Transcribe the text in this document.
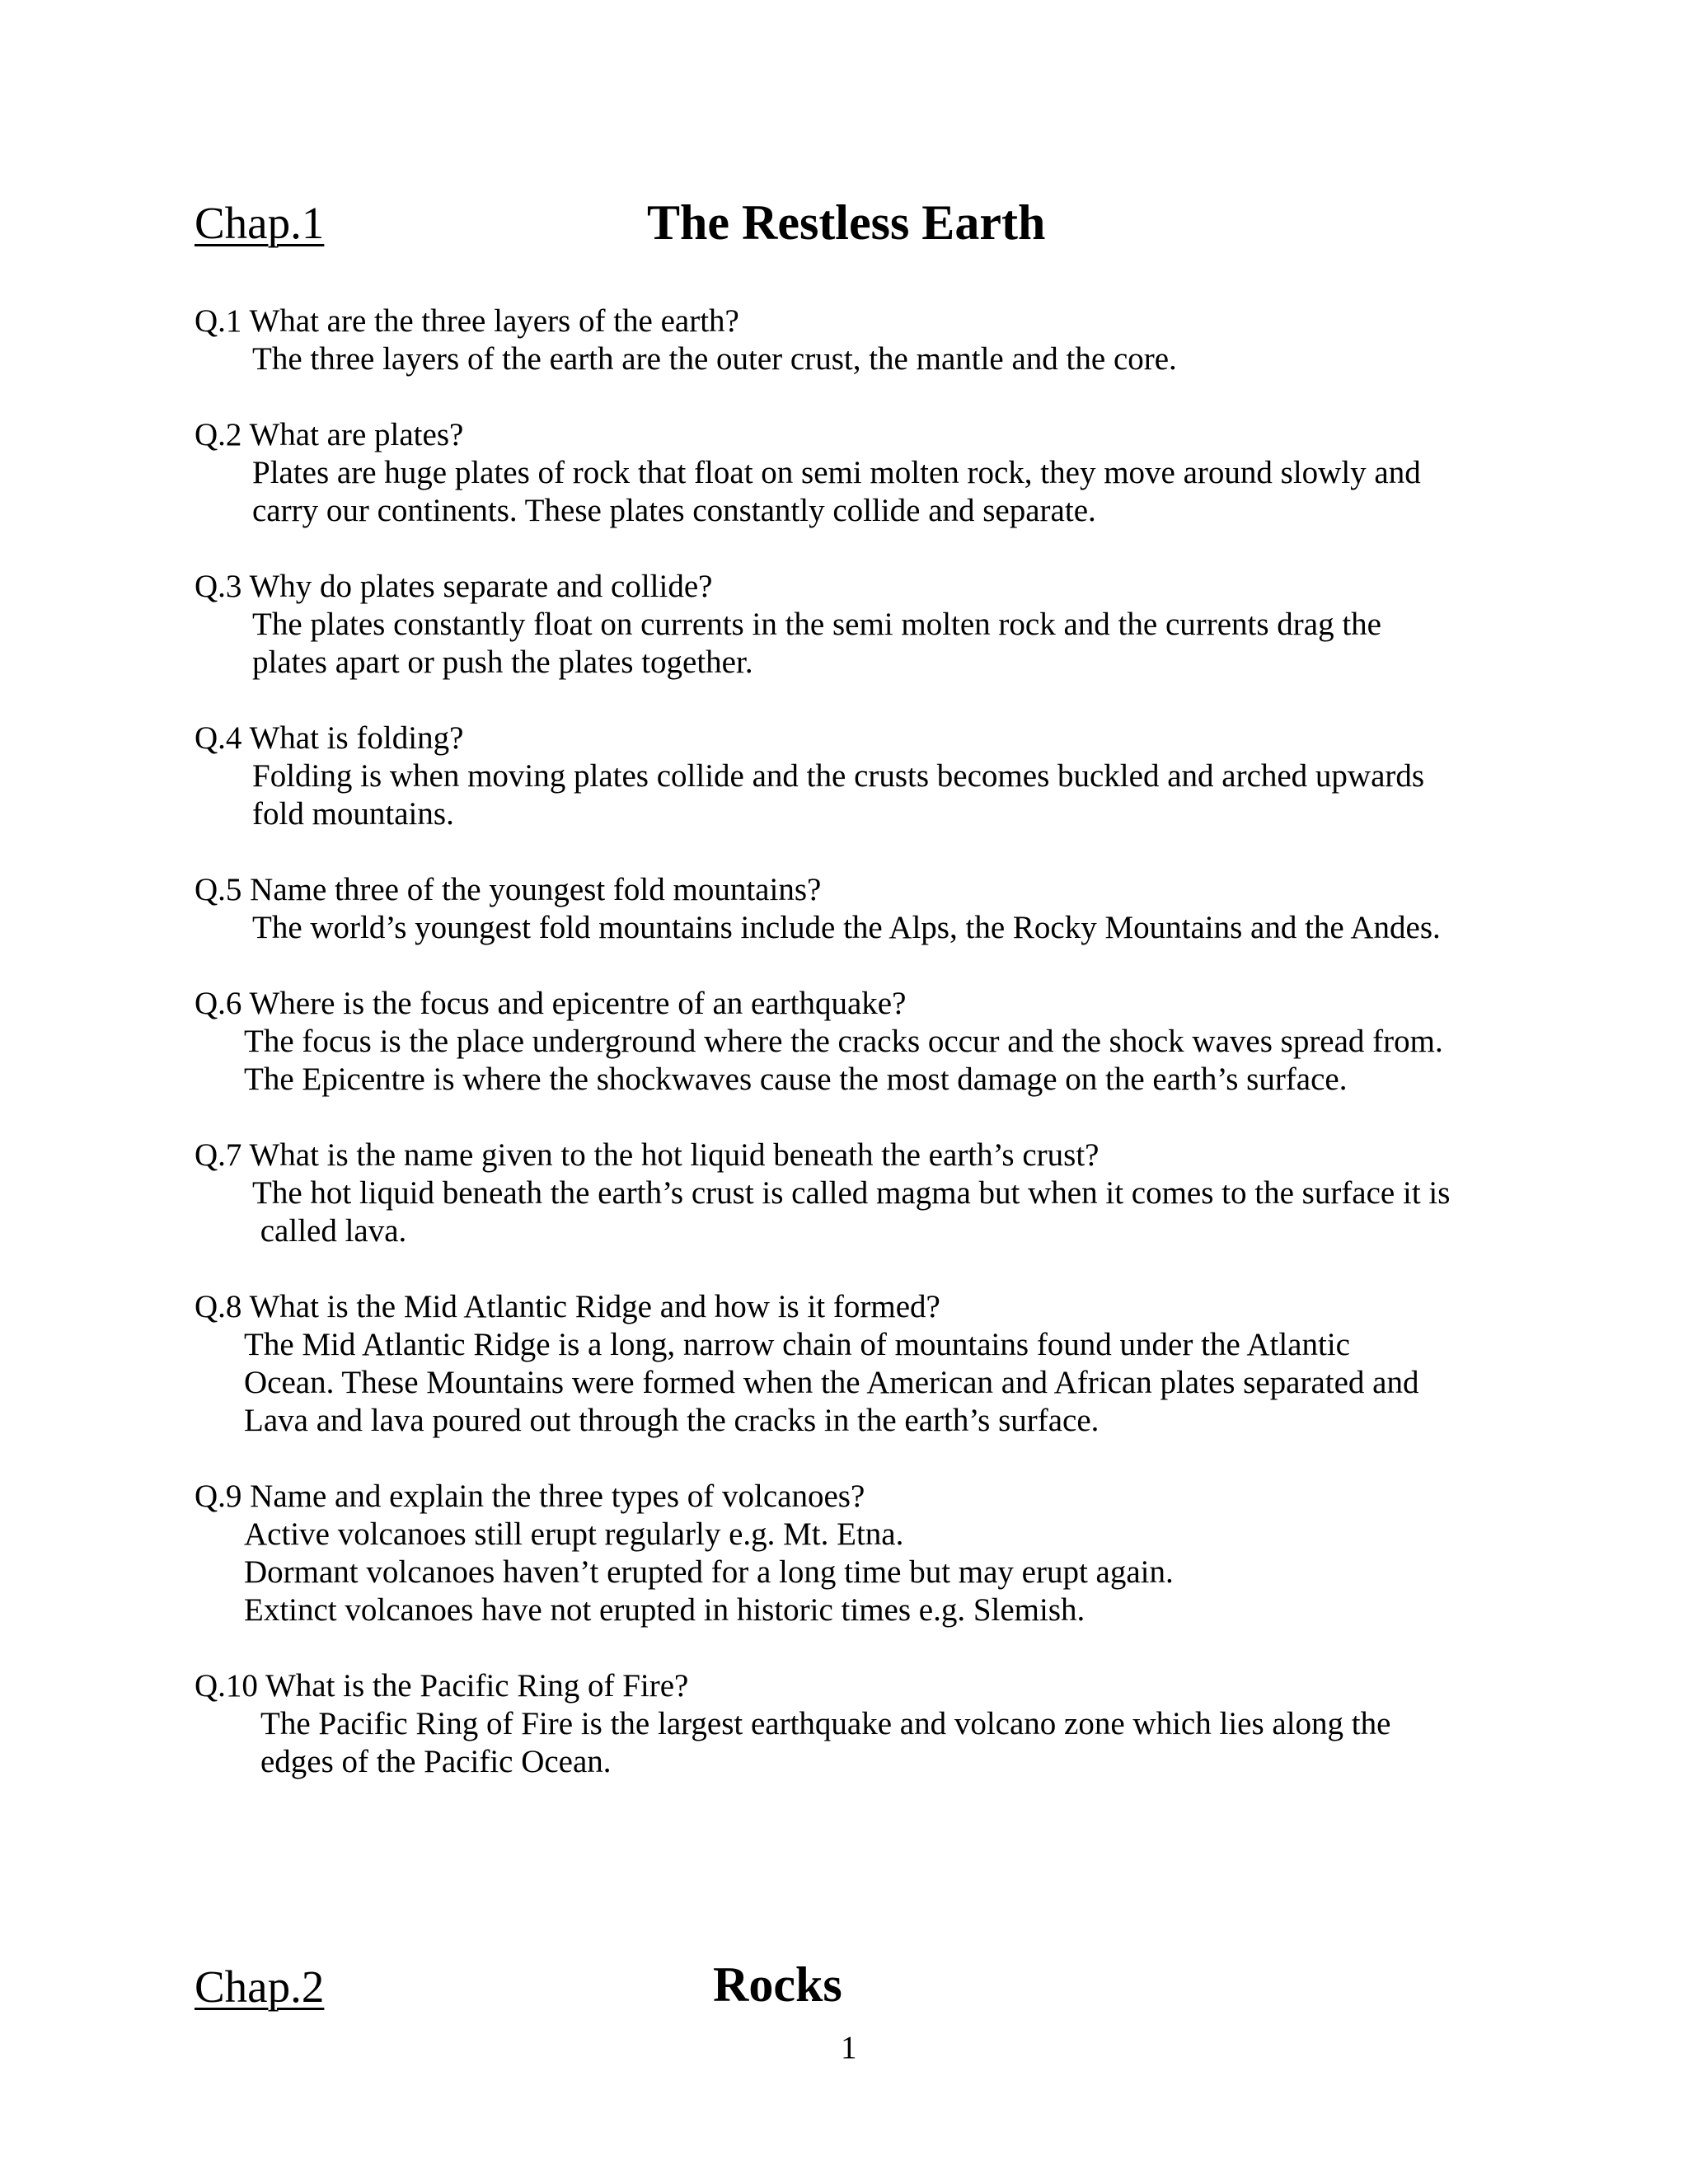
Chap.1	The Restless Earth
Q.1 What are the three layers of the earth?
The three layers of the earth are the outer crust, the mantle and the core.
Q.2 What are plates?
Plates are huge plates of rock that float on semi molten rock, they move around slowly and
carry our continents. These plates constantly collide and separate.
Q.3 Why do plates separate and collide?
The plates constantly float on currents in the semi molten rock and the currents drag the
plates apart or push the plates together.
Q.4 What is folding?
Folding is when moving plates collide and the crusts becomes buckled and arched upwards
fold mountains.
Q.5 Name three of the youngest fold mountains?
The world’s youngest fold mountains include the Alps, the Rocky Mountains and the Andes.
Q.6 Where is the focus and epicentre of an earthquake?
The focus is the place underground where the cracks occur and the shock waves spread from.
The Epicentre is where the shockwaves cause the most damage on the earth’s surface.
Q.7 What is the name given to the hot liquid beneath the earth’s crust?
The hot liquid beneath the earth’s crust is called magma but when it comes to the surface it is
called lava.
Q.8 What is the Mid Atlantic Ridge and how is it formed?
The Mid Atlantic Ridge is a long, narrow chain of mountains found under the Atlantic
Ocean. These Mountains were formed when the American and African plates separated and
Lava and lava poured out through the cracks in the earth’s surface.
Q.9 Name and explain the three types of volcanoes?
Active volcanoes still erupt regularly e.g. Mt. Etna.
Dormant volcanoes haven’t erupted for a long time but may erupt again.
Extinct volcanoes have not erupted in historic times e.g. Slemish.
Q.10 What is the Pacific Ring of Fire?
The Pacific Ring of Fire is the largest earthquake and volcano zone which lies along the
edges of the Pacific Ocean.
Chap.2	Rocks
1
